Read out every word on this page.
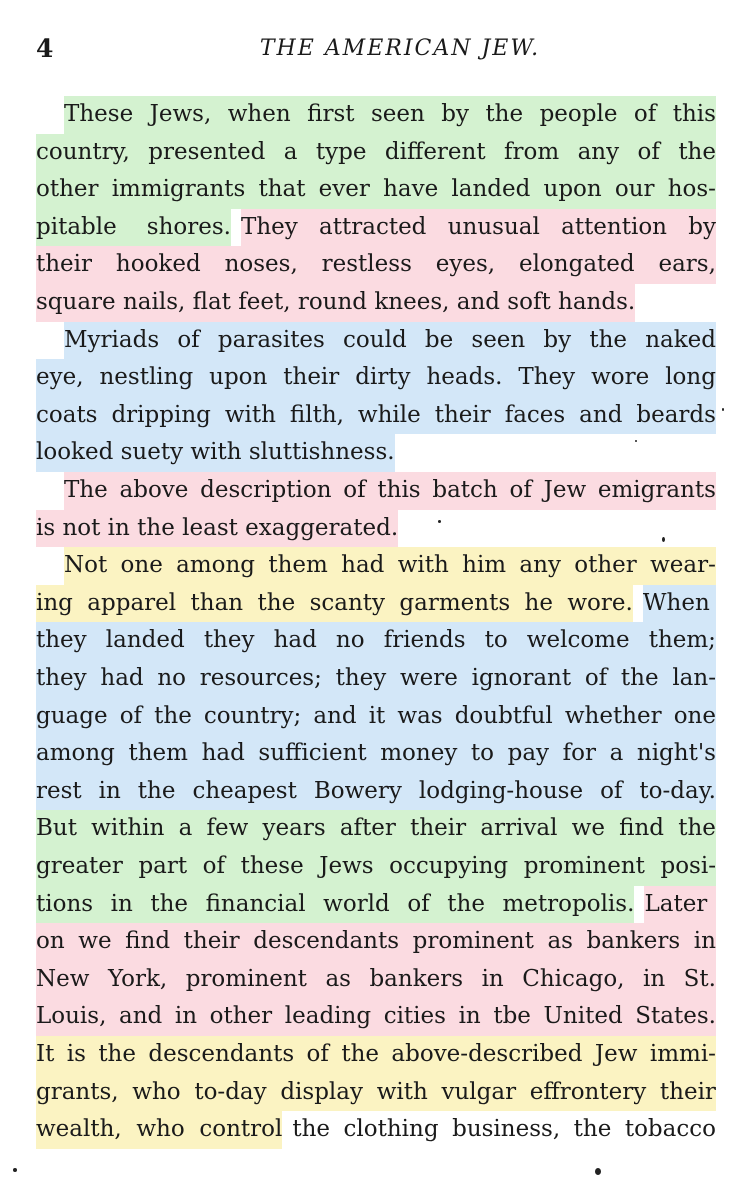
4	THE AMERICAN JEW.
These Jews, when first seen by the people of this
country, presented a type different from any of the
other immigrants that ever have landed upon our hos-
pitable shores. They attracted unusual attention by
their hooked noses, restless eyes, elongated ears,
square nails, flat feet, round knees, and soft hands.
Myriads of parasites could be seen by the naked
eye, nestling upon their dirty heads. They wore long
coats dripping with filth, while their faces and beards
looked suety with sluttishness.
The above description of this batch of Jew emigrants
is not in the least exaggerated.
Not one among them had with him any other wear-
ing apparel than the scanty garments he wore. When
they landed they had no friends to welcome them;
they had no resources; they were ignorant of the lan-
guage of the country; and it was doubtful whether one
among them had sufficient money to pay for a night's
rest in the cheapest Bowery lodging-house of to-day.
But within a few years after their arrival we find the
greater part of these Jews occupying prominent posi-
tions in the financial world of the metropolis. Later
on we find their descendants prominent as bankers in
New York, prominent as bankers in Chicago, in St.
Louis, and in other leading cities in tbe United States.
It is the descendants of the above-described Jew immi-
grants, who to-day display with vulgar effrontery their
wealth, who control the clothing business, the tobacco
